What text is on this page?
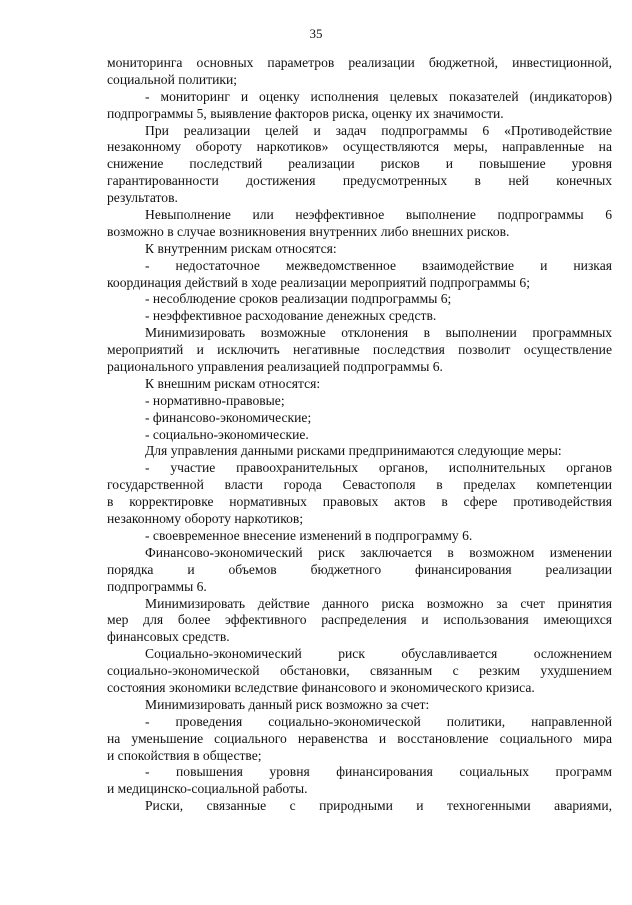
35
мониторинга основных параметров реализации бюджетной, инвестиционной,
социальной политики;
- мониторинг и оценку исполнения целевых показателей (индикаторов)
подпрограммы 5, выявление факторов риска, оценку их значимости.
При реализации целей и задач подпрограммы 6 «Противодействие
незаконному обороту наркотиков» осуществляются меры, направленные на
снижение последствий реализации рисков и повышение уровня
гарантированности достижения предусмотренных в ней конечных
результатов.
Невыполнение или неэффективное выполнение подпрограммы 6
возможно в случае возникновения внутренних либо внешних рисков.
К внутренним рискам относятся:
- недостаточное межведомственное взаимодействие и низкая
координация действий в ходе реализации мероприятий подпрограммы 6;
- несоблюдение сроков реализации подпрограммы 6;
- неэффективное расходование денежных средств.
Минимизировать возможные отклонения в выполнении программных
мероприятий и исключить негативные последствия позволит осуществление
рационального управления реализацией подпрограммы 6.
К внешним рискам относятся:
- нормативно-правовые;
- финансово-экономические;
- социально-экономические.
Для управления данными рисками предпринимаются следующие меры:
- участие правоохранительных органов, исполнительных органов
государственной власти города Севастополя в пределах компетенции
в корректировке нормативных правовых актов в сфере противодействия
незаконному обороту наркотиков;
- своевременное внесение изменений в подпрограмму 6.
Финансово-экономический риск заключается в возможном изменении
порядка и объемов бюджетного финансирования реализации
подпрограммы 6.
Минимизировать действие данного риска возможно за счет принятия
мер для более эффективного распределения и использования имеющихся
финансовых средств.
Социально-экономический риск обуславливается осложнением
социально-экономической обстановки, связанным с резким ухудшением
состояния экономики вследствие финансового и экономического кризиса.
Минимизировать данный риск возможно за счет:
- проведения социально-экономической политики, направленной
на уменьшение социального неравенства и восстановление социального мира
и спокойствия в обществе;
- повышения уровня финансирования социальных программ
и медицинско-социальной работы.
Риски, связанные с природными и техногенными авариями,
